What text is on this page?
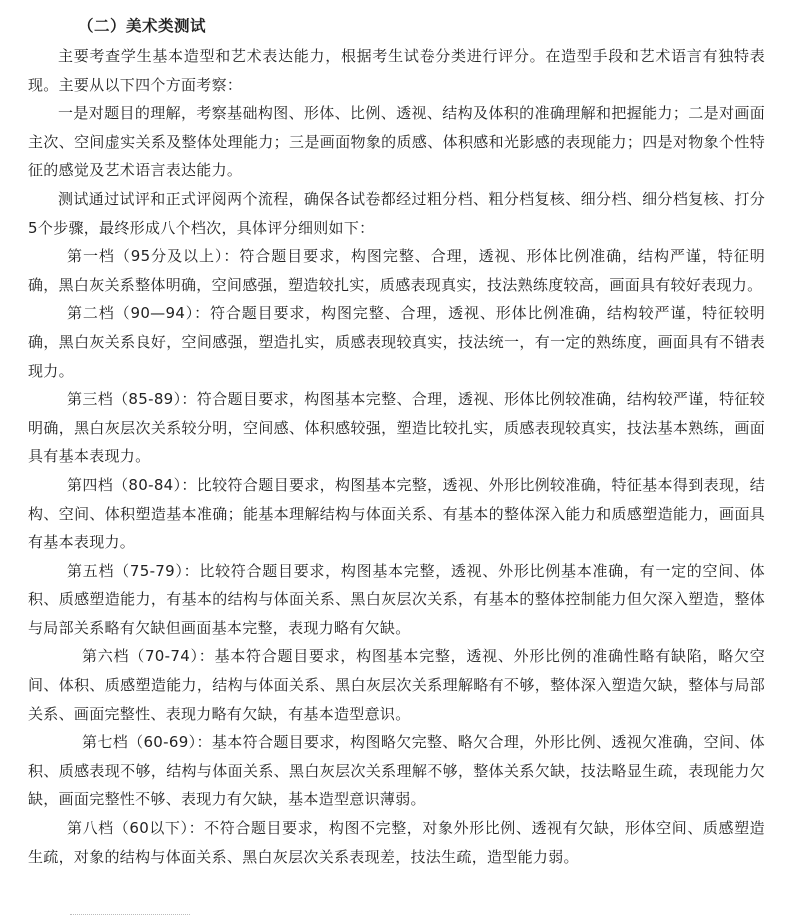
（二）美术类测试

主要考查学生基本造型和艺术表达能力，根据考生试卷分类进行评分。在造型手段和艺术语言有独特表现。主要从以下四个方面考察：

一是对题目的理解，考察基础构图、形体、比例、透视、结构及体积的准确理解和把握能力；二是对画面主次、空间虚实关系及整体处理能力；三是画面物象的质感、体积感和光影感的表现能力；四是对物象个性特征的感觉及艺术语言表达能力。

测试通过试评和正式评阅两个流程，确保各试卷都经过粗分档、粗分档复核、细分档、细分档复核、打分5个步骤，最终形成八个档次，具体评分细则如下：

第一档（95分及以上）：符合题目要求，构图完整、合理，透视、形体比例准确，结构严谨，特征明确，黑白灰关系整体明确，空间感强，塑造较扎实，质感表现真实，技法熟练度较高，画面具有较好表现力。

第二档（90—94）：符合题目要求，构图完整、合理，透视、形体比例准确，结构较严谨，特征较明确，黑白灰关系良好，空间感强，塑造扎实，质感表现较真实，技法统一，有一定的熟练度，画面具有不错表现力。

第三档（85-89）：符合题目要求，构图基本完整、合理，透视、形体比例较准确，结构较严谨，特征较明确，黑白灰层次关系较分明，空间感、体积感较强，塑造比较扎实，质感表现较真实，技法基本熟练，画面具有基本表现力。

第四档（80-84）：比较符合题目要求，构图基本完整，透视、外形比例较准确，特征基本得到表现，结构、空间、体积塑造基本准确；能基本理解结构与体面关系、有基本的整体深入能力和质感塑造能力，画面具有基本表现力。

第五档（75-79）：比较符合题目要求，构图基本完整，透视、外形比例基本准确，有一定的空间、体积、质感塑造能力，有基本的结构与体面关系、黑白灰层次关系，有基本的整体控制能力但欠深入塑造，整体与局部关系略有欠缺但画面基本完整，表现力略有欠缺。

第六档（70-74）：基本符合题目要求，构图基本完整，透视、外形比例的准确性略有缺陷，略欠空间、体积、质感塑造能力，结构与体面关系、黑白灰层次关系理解略有不够，整体深入塑造欠缺，整体与局部关系、画面完整性、表现力略有欠缺，有基本造型意识。

第七档（60-69）：基本符合题目要求，构图略欠完整、略欠合理，外形比例、透视欠准确，空间、体积、质感表现不够，结构与体面关系、黑白灰层次关系理解不够，整体关系欠缺，技法略显生疏，表现能力欠缺，画面完整性不够、表现力有欠缺，基本造型意识薄弱。

第八档（60以下）：不符合题目要求，构图不完整，对象外形比例、透视有欠缺，形体空间、质感塑造生疏，对象的结构与体面关系、黑白灰层次关系表现差，技法生疏，造型能力弱。
